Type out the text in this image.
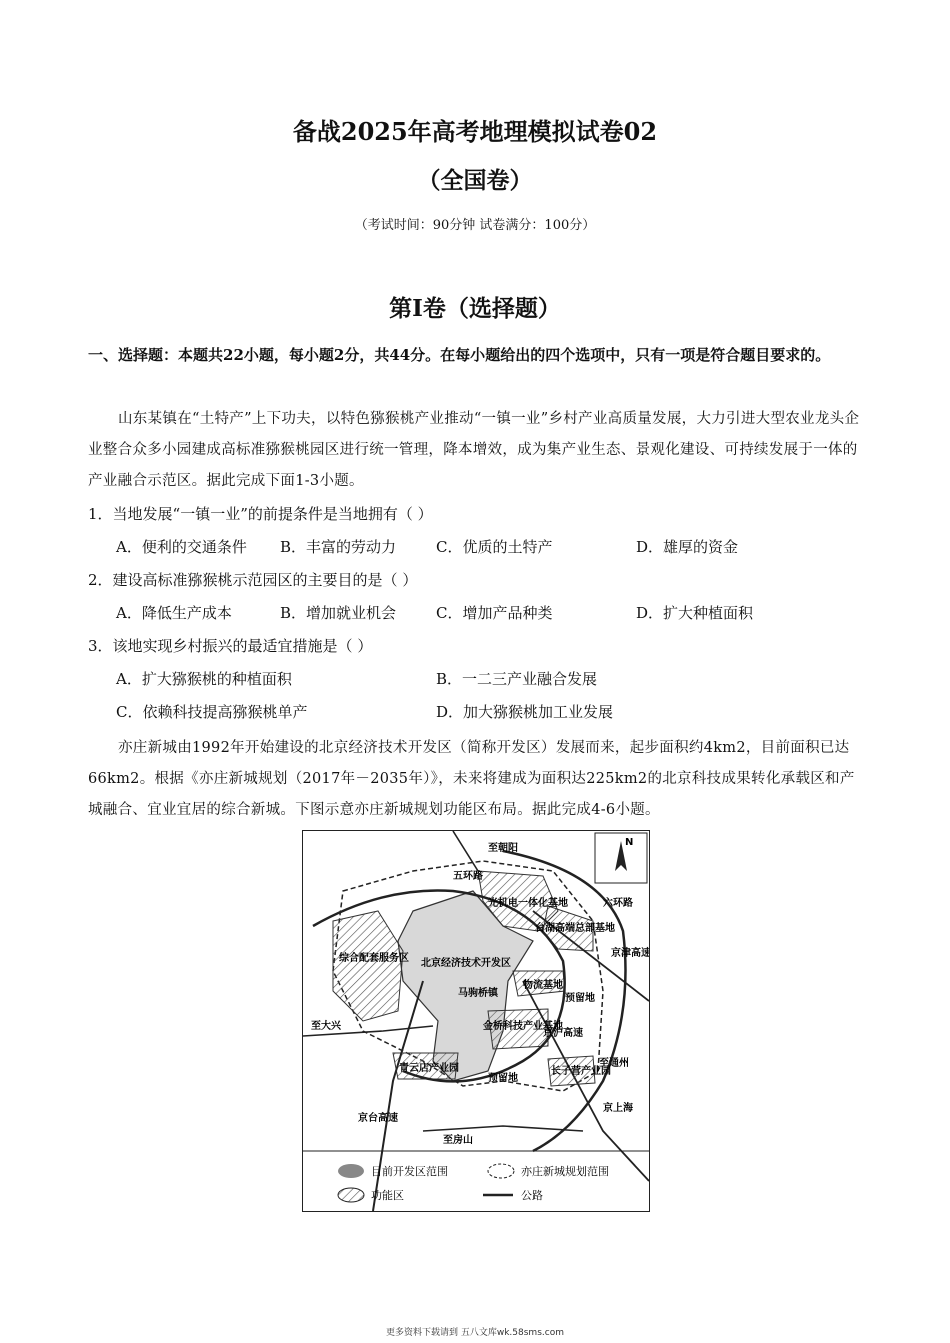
备战2025年高考地理模拟试卷02
（全国卷）
（考试时间：90分钟 试卷满分：100分）
第I卷（选择题）
一、选择题：本题共22小题，每小题2分，共44分。在每小题给出的四个选项中，只有一项是符合题目要求的。
山东某镇在“土特产”上下功夫，以特色猕猴桃产业推动“一镇一业”乡村产业高质量发展，大力引进大型农业龙头企业整合众多小园建成高标准猕猴桃园区进行统一管理，降本增效，成为集产业生态、景观化建设、可持续发展于一体的产业融合示范区。据此完成下面1-3小题。
1．当地发展“一镇一业”的前提条件是当地拥有（ ）
A．便利的交通条件 B．丰富的劳动力	C．优质的土特产	D．雄厚的资金
2．建设高标准猕猴桃示范园区的主要目的是（ ）
A．降低生产成本	B．增加就业机会	C．增加产品种类	D．扩大种植面积
3．该地实现乡村振兴的最适宜措施是（ ）
A．扩大猕猴桃的种植面积	B．一二三产业融合发展
C．依赖科技提高猕猴桃单产	D．加大猕猴桃加工业发展
亦庄新城由1992年开始建设的北京经济技术开发区（简称开发区）发展而来，起步面积约4km2，目前面积已达66km2。根据《亦庄新城规划（2017年－2035年）》，未来将建成为面积达225km2的北京科技成果转化承载区和产城融合、宜业宜居的综合新城。下图示意亦庄新城规划功能区布局。据此完成4-6小题。
N
至朝阳
五环路
六环路
京津高速
至大兴
至通州
京台高速
至房山
京沪高速
京上海
光机电一体化基地
台湖高端总部基地
综合配套服务区 北京经济技术开发区
物流基地
马驹桥镇
金桥科技产业基地
预留地
预留地
青云店产业园	长子营产业园
目前开发区范围	亦庄新城规划范围
功能区	公路
更多资料下载请到 五八文库wk.58sms.com
